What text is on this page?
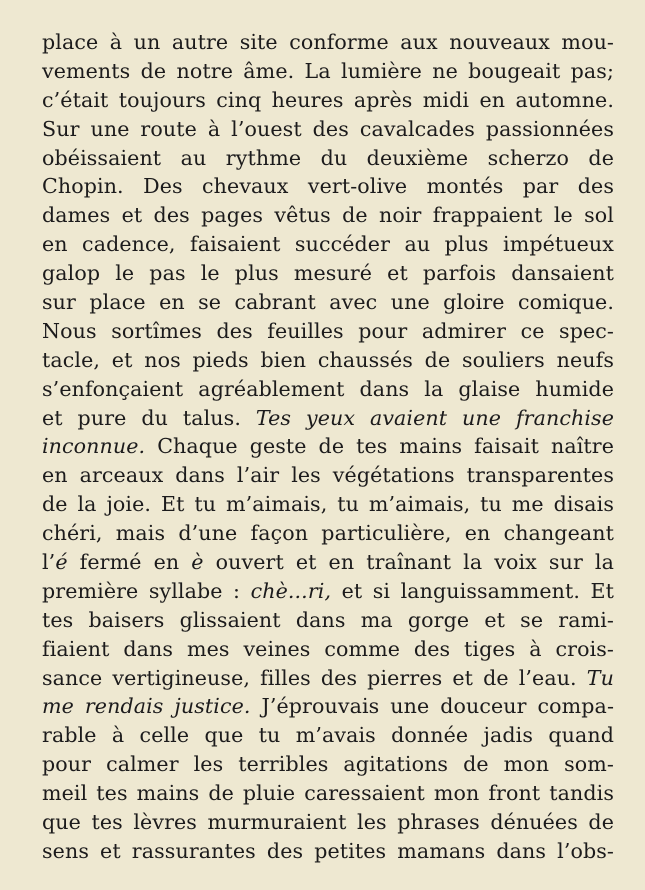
place à un autre site conforme aux nouveaux mou-
vements de notre âme. La lumière ne bougeait pas;
c’était toujours cinq heures après midi en automne.
Sur une route à l’ouest des cavalcades passionnées
obéissaient au rythme du deuxième scherzo de
Chopin. Des chevaux vert-olive montés par des
dames et des pages vêtus de noir frappaient le sol
en cadence, faisaient succéder au plus impétueux
galop le pas le plus mesuré et parfois dansaient
sur place en se cabrant avec une gloire comique.
Nous sortîmes des feuilles pour admirer ce spec-
tacle, et nos pieds bien chaussés de souliers neufs
s’enfonçaient agréablement dans la glaise humide
et pure du talus. Tes yeux avaient une franchise
inconnue. Chaque geste de tes mains faisait naître
en arceaux dans l’air les végétations transparentes
de la joie. Et tu m’aimais, tu m’aimais, tu me disais
chéri, mais d’une façon particulière, en changeant
l’é fermé en è ouvert et en traînant la voix sur la
première syllabe : chè...ri, et si languissamment. Et
tes baisers glissaient dans ma gorge et se rami-
fiaient dans mes veines comme des tiges à crois-
sance vertigineuse, filles des pierres et de l’eau. Tu
me rendais justice. J’éprouvais une douceur compa-
rable à celle que tu m’avais donnée jadis quand
pour calmer les terribles agitations de mon som-
meil tes mains de pluie caressaient mon front tandis
que tes lèvres murmuraient les phrases dénuées de
sens et rassurantes des petites mamans dans l’obs-
